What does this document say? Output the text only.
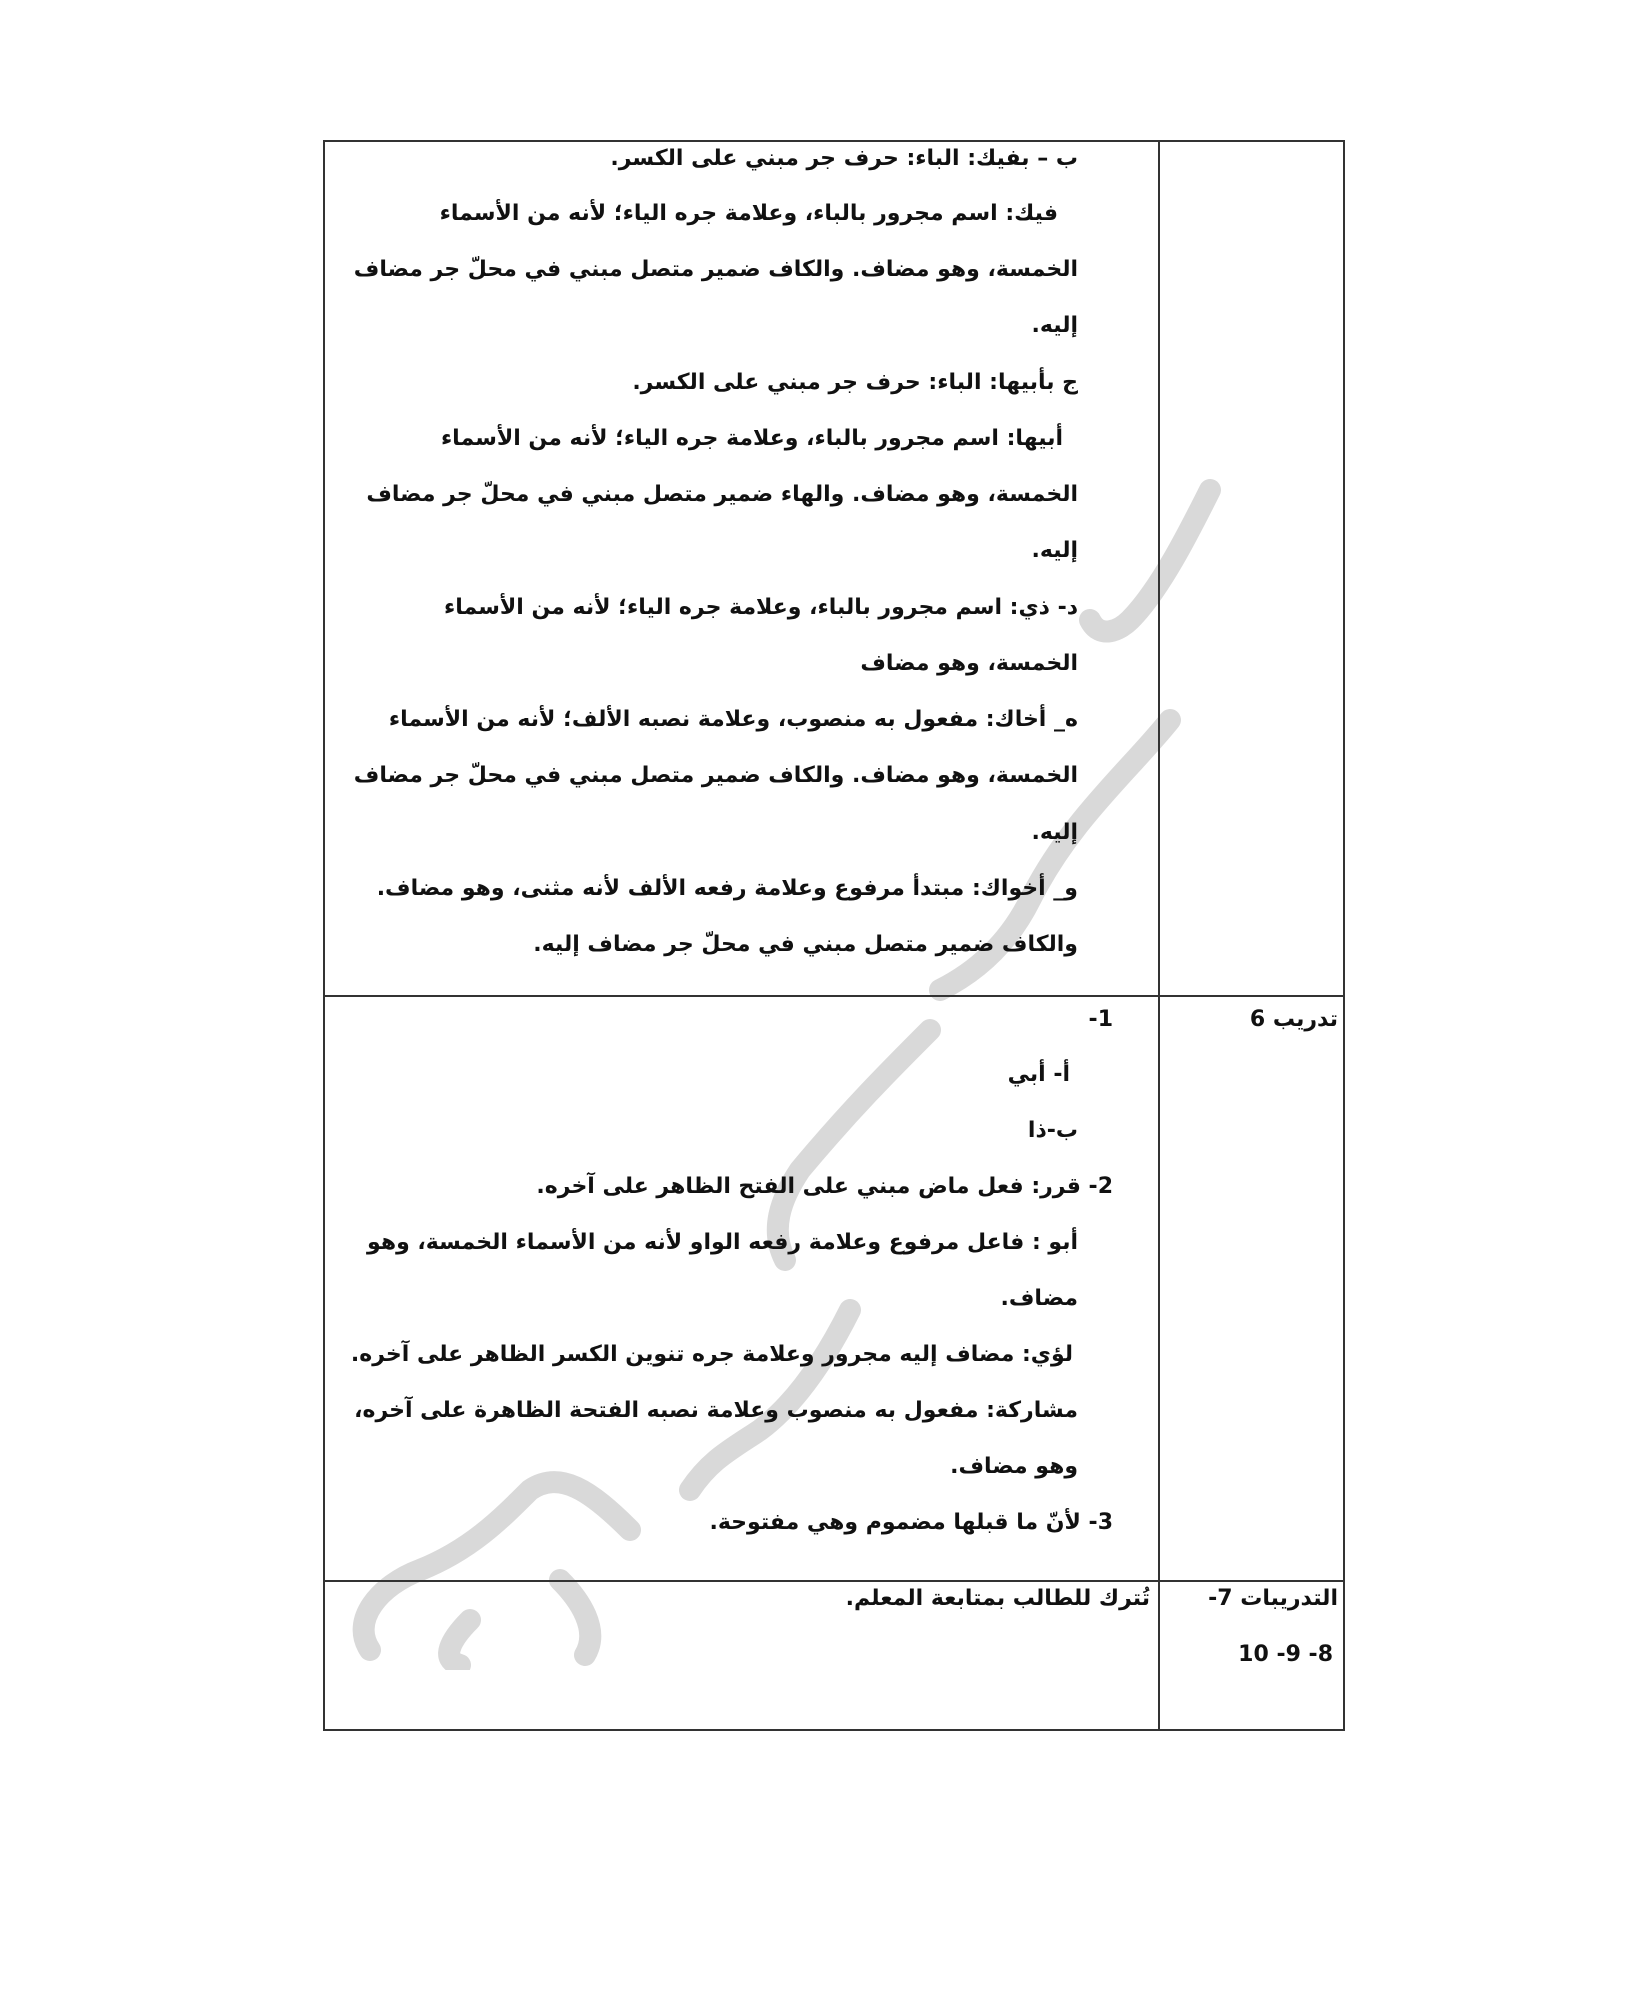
ب – بفيك: الباء: حرف جر مبني على الكسر.
فيك: اسم مجرور بالباء، وعلامة جره الياء؛ لأنه من الأسماء
الخمسة، وهو مضاف. والكاف ضمير متصل مبني في محلّ جر مضاف
إليه.
ج بأبيها: الباء: حرف جر مبني على الكسر.
أبيها: اسم مجرور بالباء، وعلامة جره الياء؛ لأنه من الأسماء
الخمسة، وهو مضاف. والهاء ضمير متصل مبني في محلّ جر مضاف
إليه.
د- ذي: اسم مجرور بالباء، وعلامة جره الياء؛ لأنه من الأسماء
الخمسة، وهو مضاف
ه_ أخاك: مفعول به منصوب، وعلامة نصبه الألف؛ لأنه من الأسماء
الخمسة، وهو مضاف. والكاف ضمير متصل مبني في محلّ جر مضاف
إليه.
و_ أخواك: مبتدأ مرفوع وعلامة رفعه الألف لأنه مثنى، وهو مضاف.
والكاف ضمير متصل مبني في محلّ جر مضاف إليه.
تدريب 6
1-
أ- أبي
ب-ذا
2- قرر: فعل ماض مبني على الفتح الظاهر على آخره.
أبو : فاعل مرفوع وعلامة رفعه الواو لأنه من الأسماء الخمسة، وهو
مضاف.
لؤي: مضاف إليه مجرور وعلامة جره تنوين الكسر الظاهر على آخره.
مشاركة: مفعول به منصوب وعلامة نصبه الفتحة الظاهرة على آخره،
وهو مضاف.
3- لأنّ ما قبلها مضموم وهي مفتوحة.
التدريبات 7-
8- 9- 10
تُترك للطالب بمتابعة المعلم.
